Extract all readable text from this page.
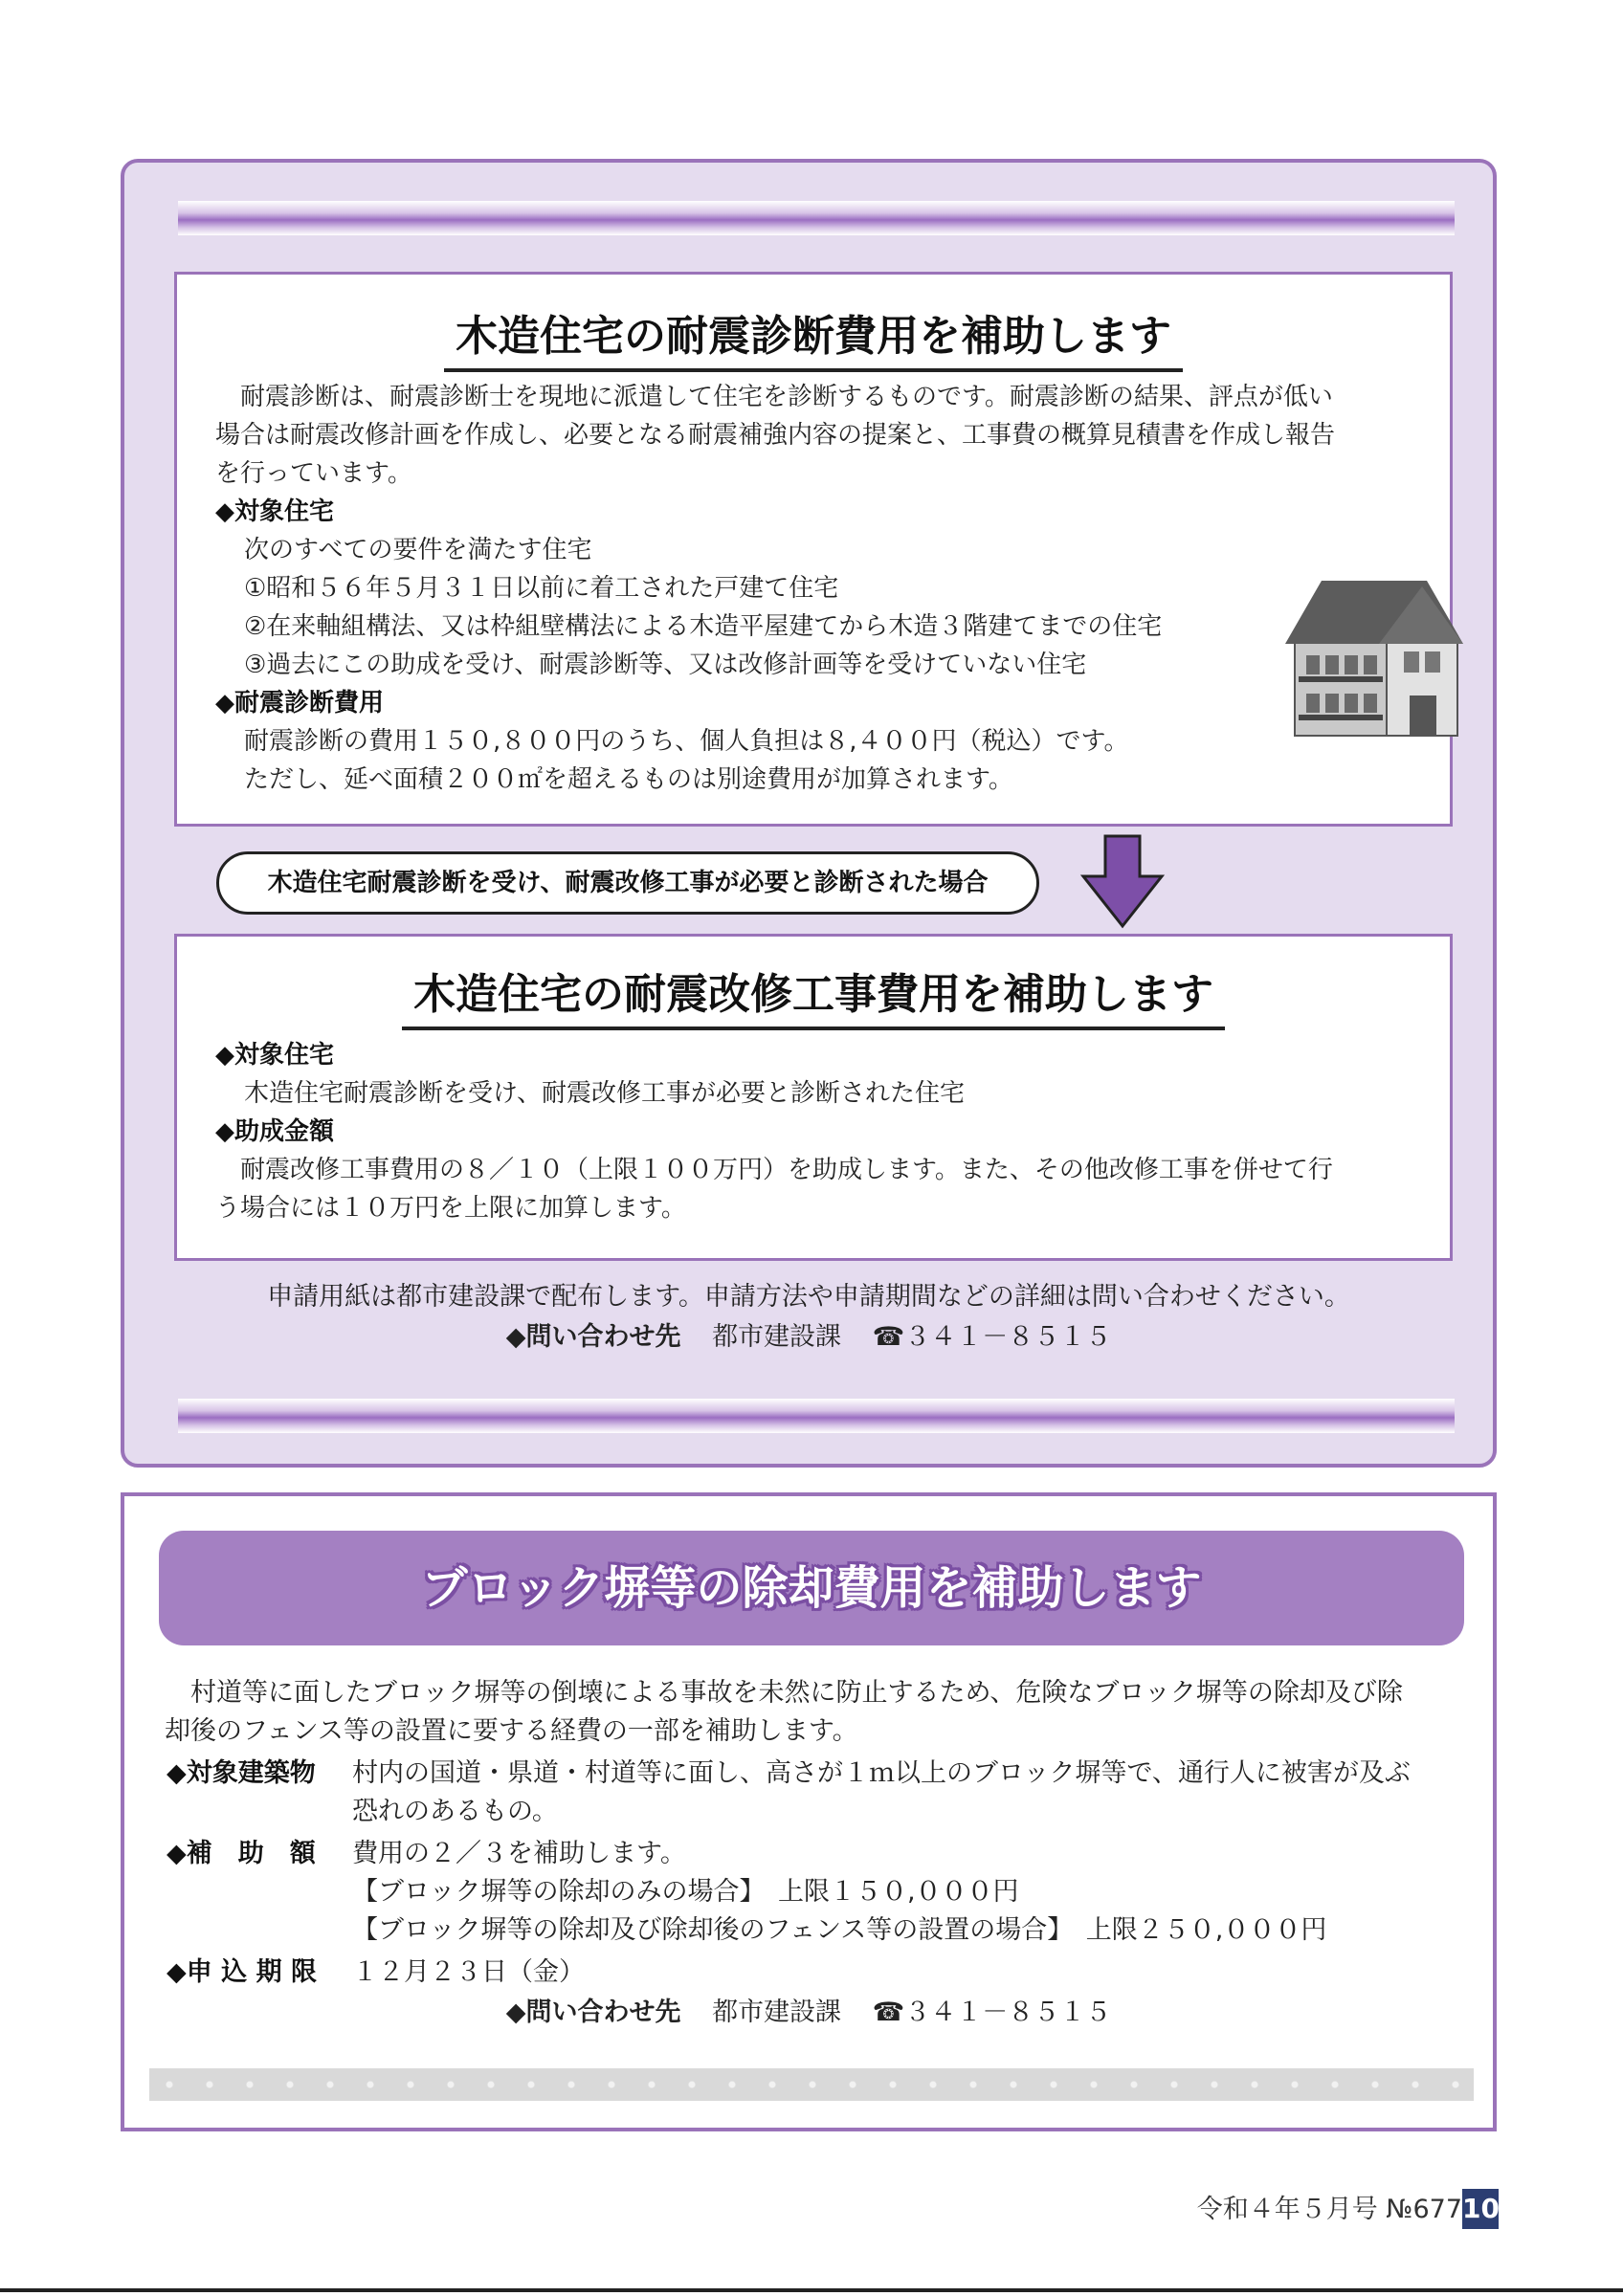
木造住宅の耐震診断費用を補助します
　耐震診断は、耐震診断士を現地に派遣して住宅を診断するものです。耐震診断の結果、評点が低い
場合は耐震改修計画を作成し、必要となる耐震補強内容の提案と、工事費の概算見積書を作成し報告
を行っています。
◆対象住宅
次のすべての要件を満たす住宅
①昭和５６年５月３１日以前に着工された戸建て住宅
②在来軸組構法、又は枠組壁構法による木造平屋建てから木造３階建てまでの住宅
③過去にこの助成を受け、耐震診断等、又は改修計画等を受けていない住宅
◆耐震診断費用
耐震診断の費用１５０,８００円のうち、個人負担は８,４００円（税込）です。
ただし、延べ面積２００㎡を超えるものは別途費用が加算されます。
木造住宅耐震診断を受け、耐震改修工事が必要と診断された場合
木造住宅の耐震改修工事費用を補助します
◆対象住宅
木造住宅耐震診断を受け、耐震改修工事が必要と診断された住宅
◆助成金額
　耐震改修工事費用の８／１０（上限１００万円）を助成します。また、その他改修工事を併せて行
う場合には１０万円を上限に加算します。
申請用紙は都市建設課で配布します。申請方法や申請期間などの詳細は問い合わせください。
◆問い合わせ先 都市建設課 ☎３４１－８５１５
ブロック塀等の除却費用を補助します
　村道等に面したブロック塀等の倒壊による事故を未然に防止するため、危険なブロック塀等の除却及び除
却後のフェンス等の設置に要する経費の一部を補助します。
◆対象建築物 村内の国道・県道・村道等に面し、高さが１ｍ以上のブロック塀等で、通行人に被害が及ぶ
恐れのあるもの。
◆補　助　額 費用の２／３を補助します。
【ブロック塀等の除却のみの場合】　上限１５０,０００円
【ブロック塀等の除却及び除却後のフェンス等の設置の場合】　上限２５０,０００円
◆申 込 期 限 １２月２３日（金）
◆問い合わせ先 都市建設課 ☎３４１－８５１５
令和４年５月号 №677 10
